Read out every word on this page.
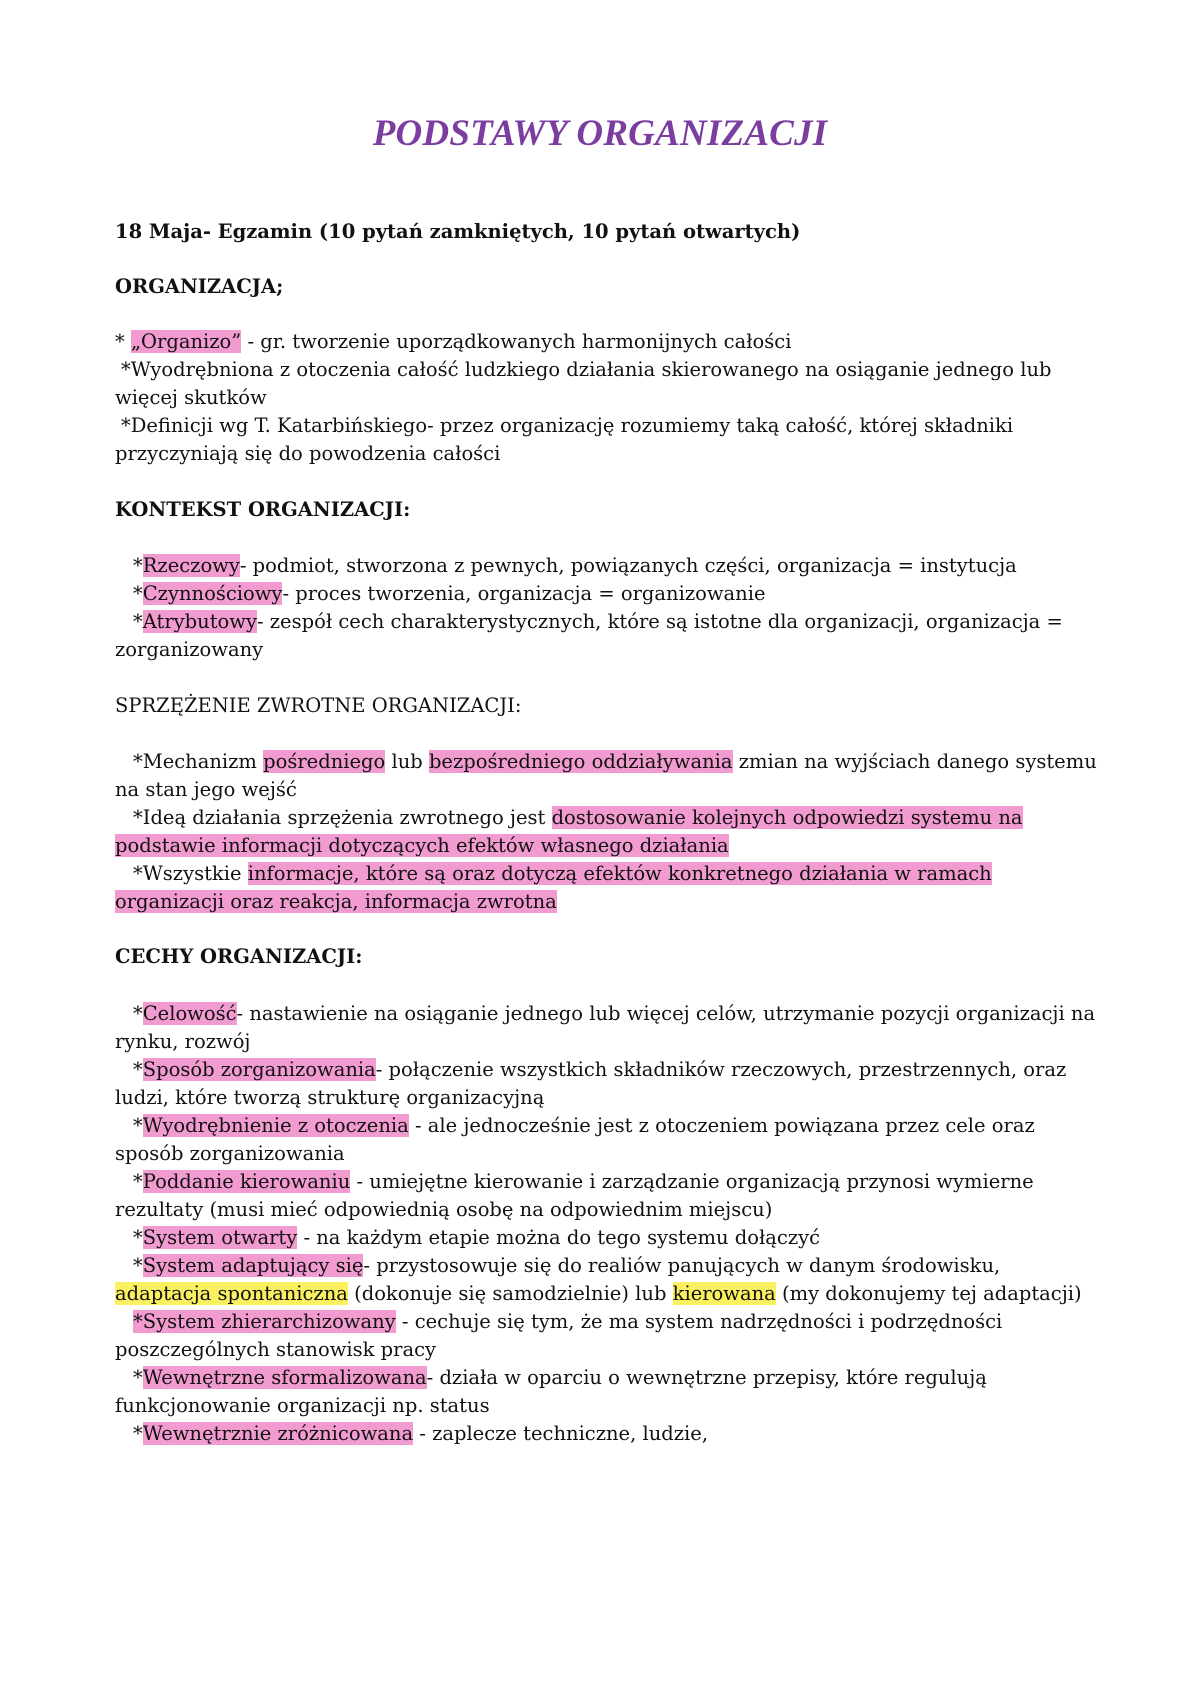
PODSTAWY ORGANIZACJI
18 Maja- Egzamin (10 pytań zamkniętych, 10 pytań otwartych)
ORGANIZACJA;
* „Organizo” - gr. tworzenie uporządkowanych harmonijnych całości
*Wyodrębniona z otoczenia całość ludzkiego działania skierowanego na osiąganie jednego lub
więcej skutków
*Definicji wg T. Katarbińskiego- przez organizację rozumiemy taką całość, której składniki
przyczyniają się do powodzenia całości
KONTEKST ORGANIZACJI:
*Rzeczowy- podmiot, stworzona z pewnych, powiązanych części, organizacja = instytucja
*Czynnościowy- proces tworzenia, organizacja = organizowanie
*Atrybutowy- zespół cech charakterystycznych, które są istotne dla organizacji, organizacja =
zorganizowany
SPRZĘŻENIE ZWROTNE ORGANIZACJI:
*Mechanizm pośredniego lub bezpośredniego oddziaływania zmian na wyjściach danego systemu
na stan jego wejść
*Ideą działania sprzężenia zwrotnego jest dostosowanie kolejnych odpowiedzi systemu na
podstawie informacji dotyczących efektów własnego działania
*Wszystkie informacje, które są oraz dotyczą efektów konkretnego działania w ramach
organizacji oraz reakcja, informacja zwrotna
CECHY ORGANIZACJI:
*Celowość- nastawienie na osiąganie jednego lub więcej celów, utrzymanie pozycji organizacji na
rynku, rozwój
*Sposób zorganizowania- połączenie wszystkich składników rzeczowych, przestrzennych, oraz
ludzi, które tworzą strukturę organizacyjną
*Wyodrębnienie z otoczenia - ale jednocześnie jest z otoczeniem powiązana przez cele oraz
sposób zorganizowania
*Poddanie kierowaniu - umiejętne kierowanie i zarządzanie organizacją przynosi wymierne
rezultaty (musi mieć odpowiednią osobę na odpowiednim miejscu)
*System otwarty - na każdym etapie można do tego systemu dołączyć
*System adaptujący się- przystosowuje się do realiów panujących w danym środowisku,
adaptacja spontaniczna (dokonuje się samodzielnie) lub kierowana (my dokonujemy tej adaptacji)
*System zhierarchizowany - cechuje się tym, że ma system nadrzędności i podrzędności
poszczególnych stanowisk pracy
*Wewnętrzne sformalizowana- działa w oparciu o wewnętrzne przepisy, które regulują
funkcjonowanie organizacji np. status
*Wewnętrznie zróżnicowana - zaplecze techniczne, ludzie,
